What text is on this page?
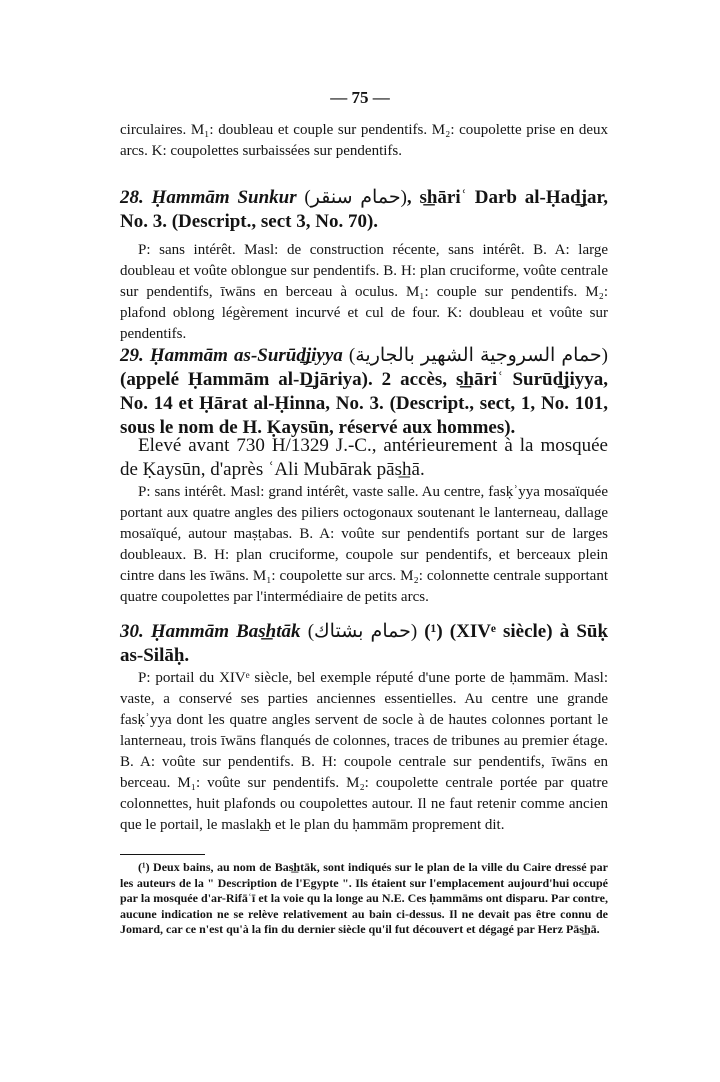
— 75 —
circulaires. M₁: doubleau et couple sur pendentifs. M₂: coupolette prise en deux arcs. K: coupolettes surbaissées sur pendentifs.
28. Ḥammām Sunkur (حمام سنقر), s͟hāriʿ Darb al-Ḥad͟jar, No. 3. (Descript., sect 3, No. 70).
P: sans intérêt. Masl: de construction récente, sans intérêt. B. A: large doubleau et voûte oblongue sur pendentifs. B. H: plan cruciforme, voûte centrale sur pendentifs, īwāns en berceau à oculus. M₁: couple sur pendentifs. M₂: plafond oblong légèrement incurvé et cul de four. K: doubleau et voûte sur pendentifs.
29. Ḥammām as-Surūd͟jiyya (حمام السروجية الشهير بالجارية) (appelé Ḥammām al-D͟jāriya). 2 accès, s͟hāriʿ Surūd͟jiyya, No. 14 et Ḥārat al-Ḥinna, No. 3. (Descript., sect, 1, No. 101, sous le nom de H. Ḳaysūn, réservé aux hommes).
Elevé avant 730 H/1329 J.-C., antérieurement à la mosquée de Ḳaysūn, d'après ʿAli Mubārak pās͟hā.
P: sans intérêt. Masl: grand intérêt, vaste salle. Au centre, fasḳʾyya mosaïquée portant aux quatre angles des piliers octogonaux soutenant le lanterneau, dallage mosaïqué, autour maṣṭabas. B. A: voûte sur pendentifs portant sur de larges doubleaux. B. H: plan cruciforme, coupole sur pendentifs, et berceaux plein cintre dans les īwāns. M₁: coupolette sur arcs. M₂: colonnette centrale supportant quatre coupolettes par l'intermédiaire de petits arcs.
30. Ḥammām Bas͟htāk (حمام بشتاك) (¹) (XIVᵉ siècle) à Sūḳ as-Silāḥ.
P: portail du XIVᵉ siècle, bel exemple réputé d'une porte de ḥammām. Masl: vaste, a conservé ses parties anciennes essentielles. Au centre une grande fasḳʾyya dont les quatre angles servent de socle à de hautes colonnes portant le lanterneau, trois īwāns flanqués de colonnes, traces de tribunes au premier étage. B. A: voûte sur pendentifs. B. H: coupole centrale sur pendentifs, īwāns en berceau. M₁: voûte sur pendentifs. M₂: coupolette centrale portée par quatre colonnettes, huit plafonds ou coupolettes autour. Il ne faut retenir comme ancien que le portail, le maslak͟h et le plan du ḥammām proprement dit.
(¹) Deux bains, au nom de Bas͟htāk, sont indiqués sur le plan de la ville du Caire dressé par les auteurs de la " Description de l'Egypte ". Ils étaient sur l'emplacement aujourd'hui occupé par la mosquée d'ar-Rifāʿī et la voie qu la longe au N.E. Ces ḥammāms ont disparu. Par contre, aucune indication ne se relève relativement au bain ci-dessus. Il ne devait pas être connu de Jomard, car ce n'est qu'à la fin du dernier siècle qu'il fut découvert et dégagé par Herz Pās͟hā.
